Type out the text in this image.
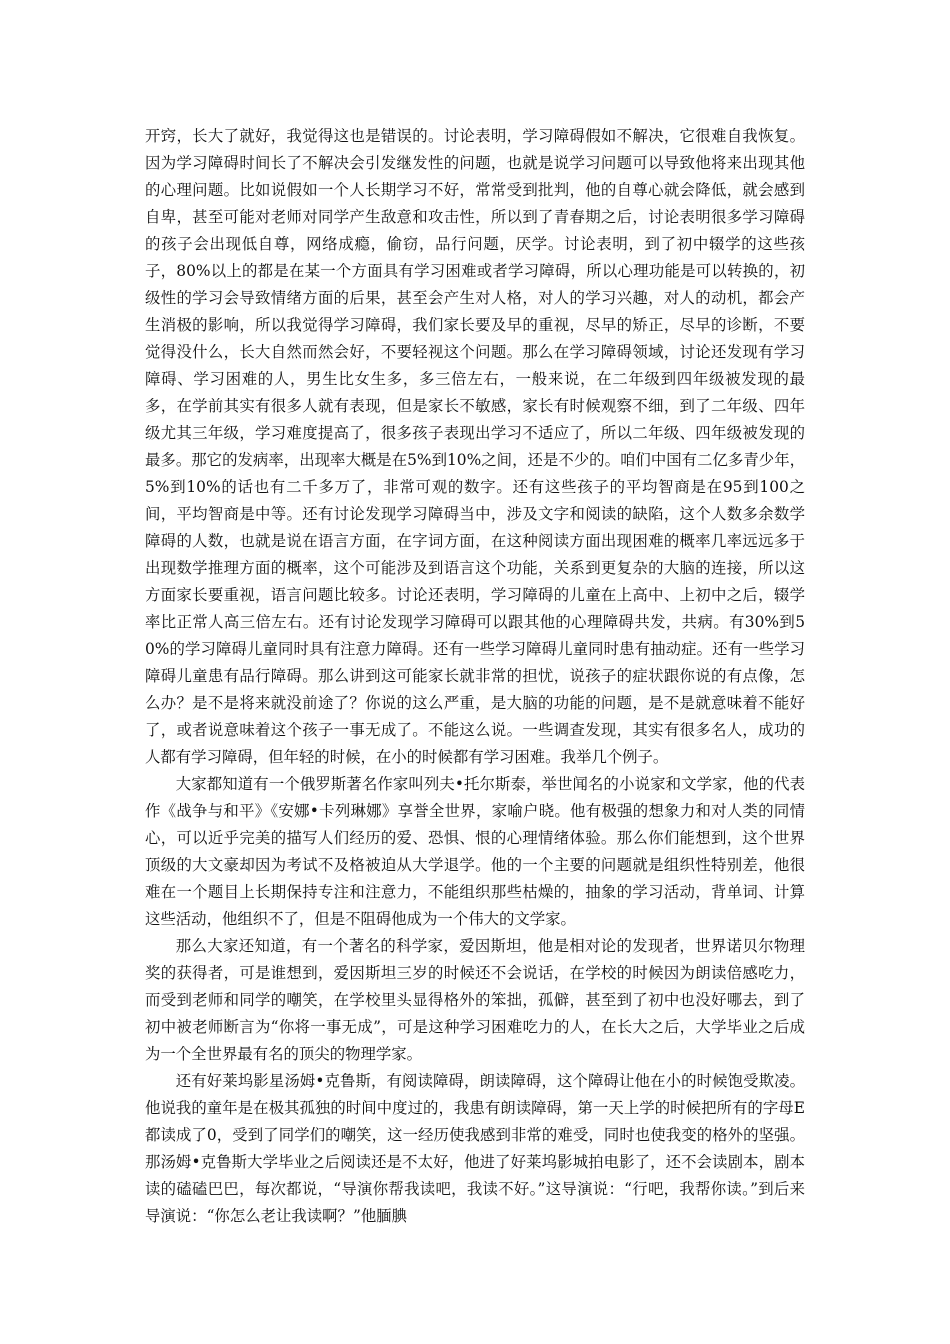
开窍，长大了就好，我觉得这也是错误的。讨论表明，学习障碍假如不解决，它很难自我恢复。因为学习障碍时间长了不解决会引发继发性的问题，也就是说学习问题可以导致他将来出现其他的心理问题。比如说假如一个人长期学习不好，常常受到批判，他的自尊心就会降低，就会感到自卑，甚至可能对老师对同学产生敌意和攻击性，所以到了青春期之后，讨论表明很多学习障碍的孩子会出现低自尊，网络成瘾，偷窃，品行问题，厌学。讨论表明，到了初中辍学的这些孩子，80%以上的都是在某一个方面具有学习困难或者学习障碍，所以心理功能是可以转换的，初级性的学习会导致情绪方面的后果，甚至会产生对人格，对人的学习兴趣，对人的动机，都会产生消极的影响，所以我觉得学习障碍，我们家长要及早的重视，尽早的矫正，尽早的诊断，不要觉得没什么，长大自然而然会好，不要轻视这个问题。那么在学习障碍领域，讨论还发现有学习障碍、学习困难的人，男生比女生多，多三倍左右，一般来说，在二年级到四年级被发现的最多，在学前其实有很多人就有表现，但是家长不敏感，家长有时候观察不细，到了二年级、四年级尤其三年级，学习难度提高了，很多孩子表现出学习不适应了，所以二年级、四年级被发现的最多。那它的发病率，出现率大概是在5%到10%之间，还是不少的。咱们中国有二亿多青少年，5%到10%的话也有二千多万了，非常可观的数字。还有这些孩子的平均智商是在95到100之间，平均智商是中等。还有讨论发现学习障碍当中，涉及文字和阅读的缺陷，这个人数多余数学障碍的人数，也就是说在语言方面，在字词方面，在这种阅读方面出现困难的概率几率远远多于出现数学推理方面的概率，这个可能涉及到语言这个功能，关系到更复杂的大脑的连接，所以这方面家长要重视，语言问题比较多。讨论还表明，学习障碍的儿童在上高中、上初中之后，辍学率比正常人高三倍左右。还有讨论发现学习障碍可以跟其他的心理障碍共发，共病。有30%到50%的学习障碍儿童同时具有注意力障碍。还有一些学习障碍儿童同时患有抽动症。还有一些学习障碍儿童患有品行障碍。那么讲到这可能家长就非常的担忧，说孩子的症状跟你说的有点像，怎么办？是不是将来就没前途了？你说的这么严重，是大脑的功能的问题，是不是就意味着不能好了，或者说意味着这个孩子一事无成了。不能这么说。一些调查发现，其实有很多名人，成功的人都有学习障碍，但年轻的时候，在小的时候都有学习困难。我举几个例子。

大家都知道有一个俄罗斯著名作家叫列夫•托尔斯泰，举世闻名的小说家和文学家，他的代表作《战争与和平》《安娜•卡列琳娜》享誉全世界，家喻户晓。他有极强的想象力和对人类的同情心，可以近乎完美的描写人们经历的爱、恐惧、恨的心理情绪体验。那么你们能想到，这个世界顶级的大文豪却因为考试不及格被迫从大学退学。他的一个主要的问题就是组织性特别差，他很难在一个题目上长期保持专注和注意力，不能组织那些枯燥的，抽象的学习活动，背单词、计算这些活动，他组织不了，但是不阻碍他成为一个伟大的文学家。

那么大家还知道，有一个著名的科学家，爱因斯坦，他是相对论的发现者，世界诺贝尔物理奖的获得者，可是谁想到，爱因斯坦三岁的时候还不会说话，在学校的时候因为朗读倍感吃力，而受到老师和同学的嘲笑，在学校里头显得格外的笨拙，孤僻，甚至到了初中也没好哪去，到了初中被老师断言为“你将一事无成”，可是这种学习困难吃力的人，在长大之后，大学毕业之后成为一个全世界最有名的顶尖的物理学家。

还有好莱坞影星汤姆•克鲁斯，有阅读障碍，朗读障碍，这个障碍让他在小的时候饱受欺凌。他说我的童年是在极其孤独的时间中度过的，我患有朗读障碍，第一天上学的时候把所有的字母E都读成了0，受到了同学们的嘲笑，这一经历使我感到非常的难受，同时也使我变的格外的坚强。那汤姆•克鲁斯大学毕业之后阅读还是不太好，他进了好莱坞影城拍电影了，还不会读剧本，剧本读的磕磕巴巴，每次都说，“导演你帮我读吧，我读不好。”这导演说：“行吧，我帮你读。”到后来导演说：“你怎么老让我读啊？”他腼腆
